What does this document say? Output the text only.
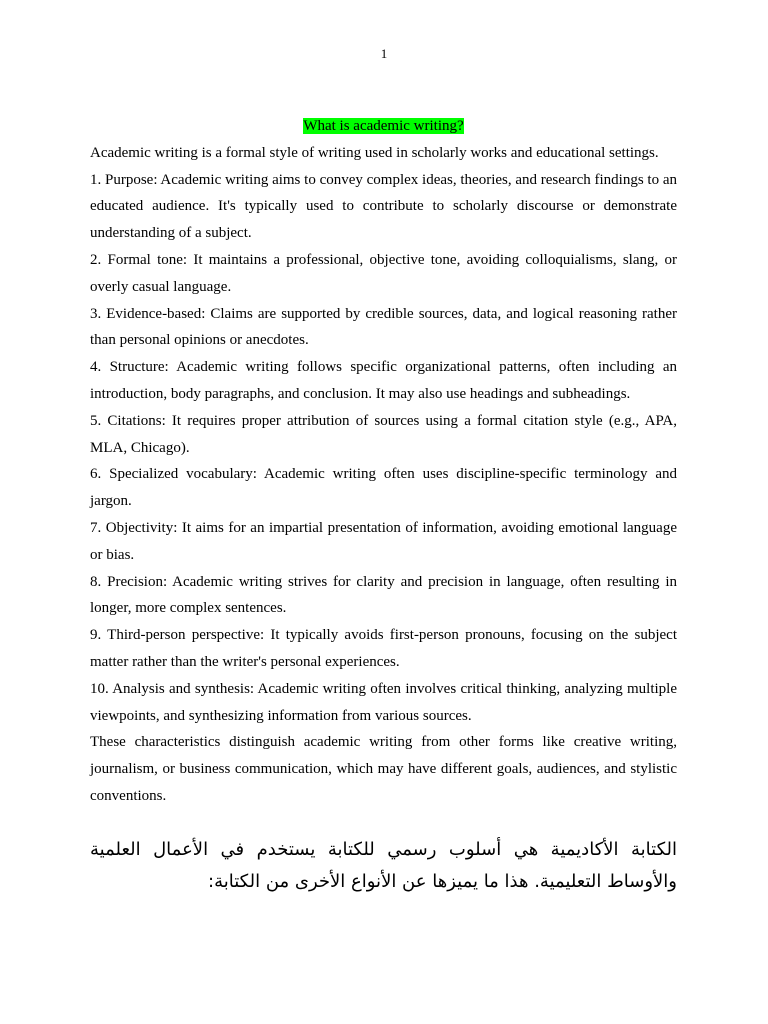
1

What is academic writing?

Academic writing is a formal style of writing used in scholarly works and educational settings.

1. Purpose: Academic writing aims to convey complex ideas, theories, and research findings to an educated audience. It's typically used to contribute to scholarly discourse or demonstrate understanding of a subject.

2. Formal tone: It maintains a professional, objective tone, avoiding colloquialisms, slang, or overly casual language.

3. Evidence-based: Claims are supported by credible sources, data, and logical reasoning rather than personal opinions or anecdotes.

4. Structure: Academic writing follows specific organizational patterns, often including an introduction, body paragraphs, and conclusion. It may also use headings and subheadings.

5. Citations: It requires proper attribution of sources using a formal citation style (e.g., APA, MLA, Chicago).

6. Specialized vocabulary: Academic writing often uses discipline-specific terminology and jargon.

7. Objectivity: It aims for an impartial presentation of information, avoiding emotional language or bias.

8. Precision: Academic writing strives for clarity and precision in language, often resulting in longer, more complex sentences.

9. Third-person perspective: It typically avoids first-person pronouns, focusing on the subject matter rather than the writer's personal experiences.

10. Analysis and synthesis: Academic writing often involves critical thinking, analyzing multiple viewpoints, and synthesizing information from various sources.

These characteristics distinguish academic writing from other forms like creative writing, journalism, or business communication, which may have different goals, audiences, and stylistic conventions.

الكتابة الأكاديمية هي أسلوب رسمي للكتابة يستخدم في الأعمال العلمية والأوساط التعليمية. هذا ما يميزها عن الأنواع الأخرى من الكتابة:
